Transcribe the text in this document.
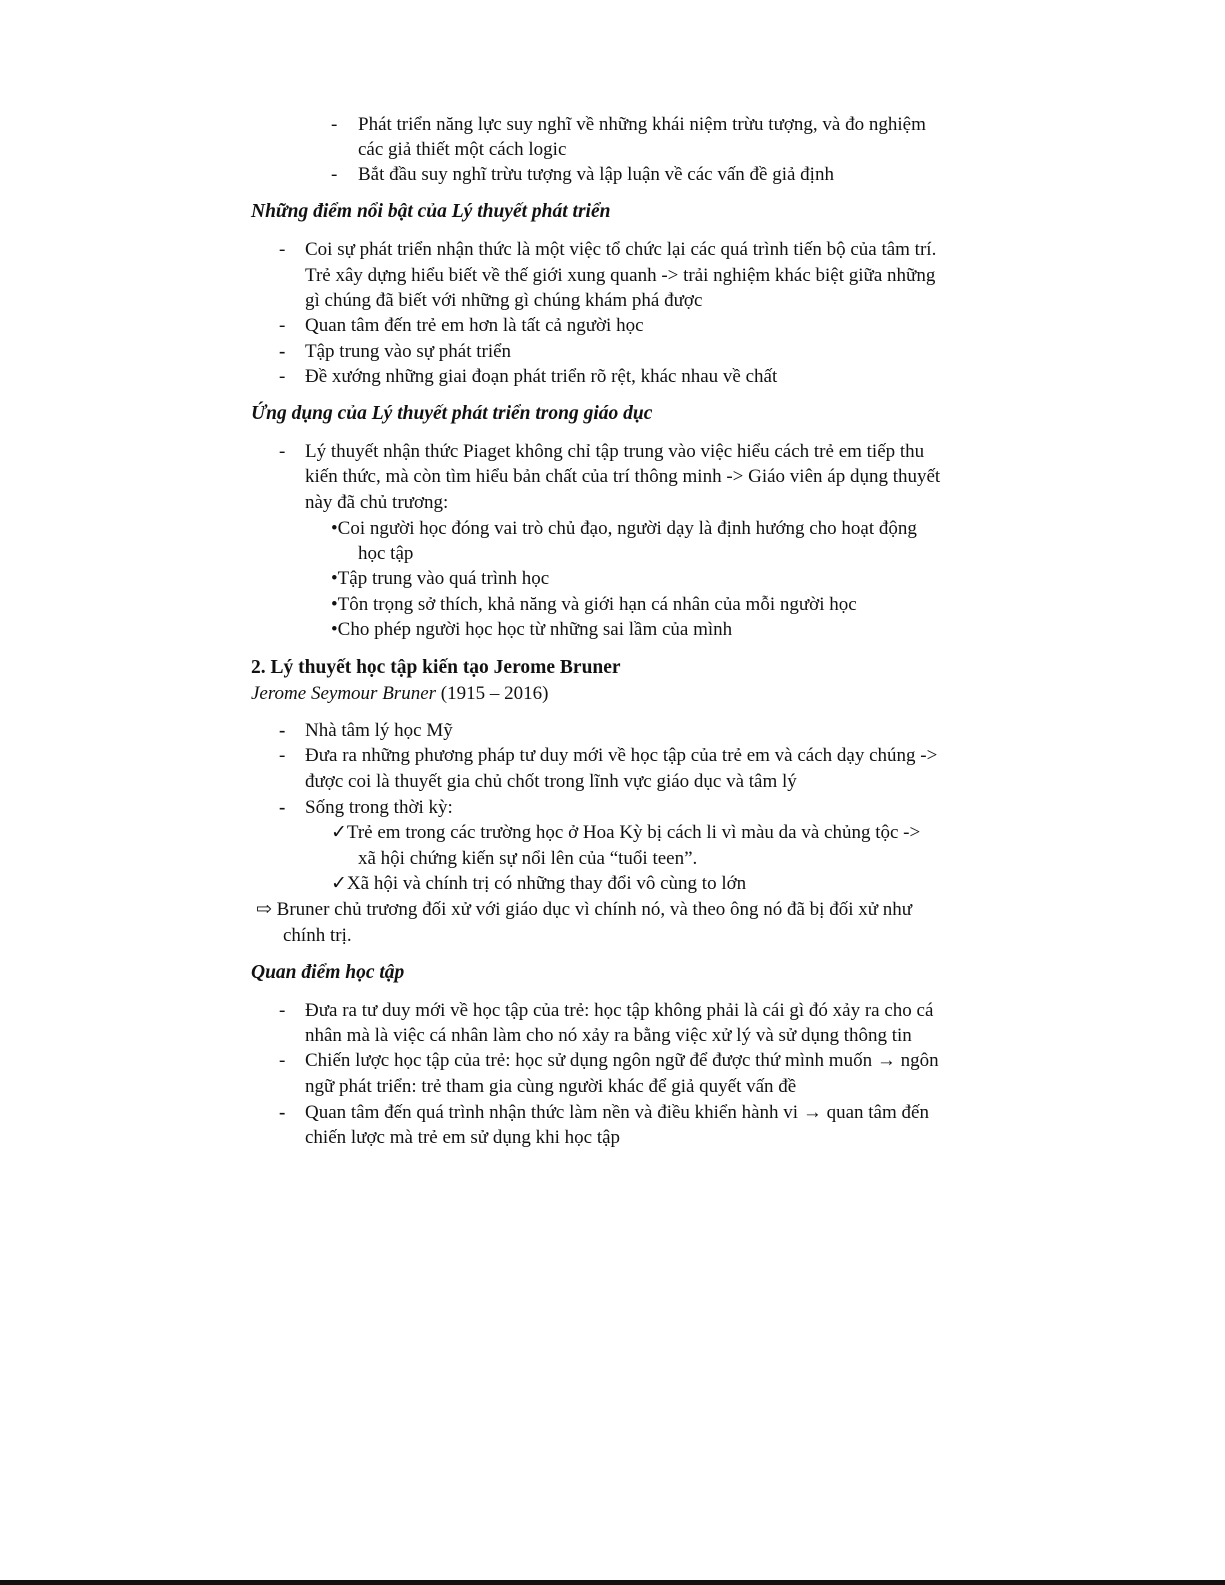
- Phát triển năng lực suy nghĩ về những khái niệm trừu tượng, và đo nghiệm
các giả thiết một cách logic
- Bắt đầu suy nghĩ trừu tượng và lập luận về các vấn đề giả định
Những điểm nổi bật của Lý thuyết phát triển
- Coi sự phát triển nhận thức là một việc tổ chức lại các quá trình tiến bộ của tâm trí.
Trẻ xây dựng hiểu biết về thế giới xung quanh -> trải nghiệm khác biệt giữa những
gì chúng đã biết với những gì chúng khám phá được
- Quan tâm đến trẻ em hơn là tất cả người học
- Tập trung vào sự phát triển
- Đề xướng những giai đoạn phát triển rõ rệt, khác nhau về chất
Ứng dụng của Lý thuyết phát triển trong giáo dục
- Lý thuyết nhận thức Piaget không chỉ tập trung vào việc hiểu cách trẻ em tiếp thu
kiến thức, mà còn tìm hiểu bản chất của trí thông minh -> Giáo viên áp dụng thuyết
này đã chủ trương:
•Coi người học đóng vai trò chủ đạo, người dạy là định hướng cho hoạt động
học tập
•Tập trung vào quá trình học
•Tôn trọng sở thích, khả năng và giới hạn cá nhân của mỗi người học
•Cho phép người học học từ những sai lầm của mình
2. Lý thuyết học tập kiến tạo Jerome Bruner
Jerome Seymour Bruner (1915 – 2016)
- Nhà tâm lý học Mỹ
- Đưa ra những phương pháp tư duy mới về học tập của trẻ em và cách dạy chúng ->
được coi là thuyết gia chủ chốt trong lĩnh vực giáo dục và tâm lý
- Sống trong thời kỳ:
✓Trẻ em trong các trường học ở Hoa Kỳ bị cách li vì màu da và chủng tộc ->
xã hội chứng kiến sự nổi lên của “tuổi teen”.
✓Xã hội và chính trị có những thay đổi vô cùng to lớn
⇨ Bruner chủ trương đối xử với giáo dục vì chính nó, và theo ông nó đã bị đối xử như
chính trị.
Quan điểm học tập
- Đưa ra tư duy mới về học tập của trẻ: học tập không phải là cái gì đó xảy ra cho cá
nhân mà là việc cá nhân làm cho nó xảy ra bằng việc xử lý và sử dụng thông tin
- Chiến lược học tập của trẻ: học sử dụng ngôn ngữ để được thứ mình muốn → ngôn
ngữ phát triển: trẻ tham gia cùng người khác để giả quyết vấn đề
- Quan tâm đến quá trình nhận thức làm nền và điều khiển hành vi → quan tâm đến
chiến lược mà trẻ em sử dụng khi học tập
